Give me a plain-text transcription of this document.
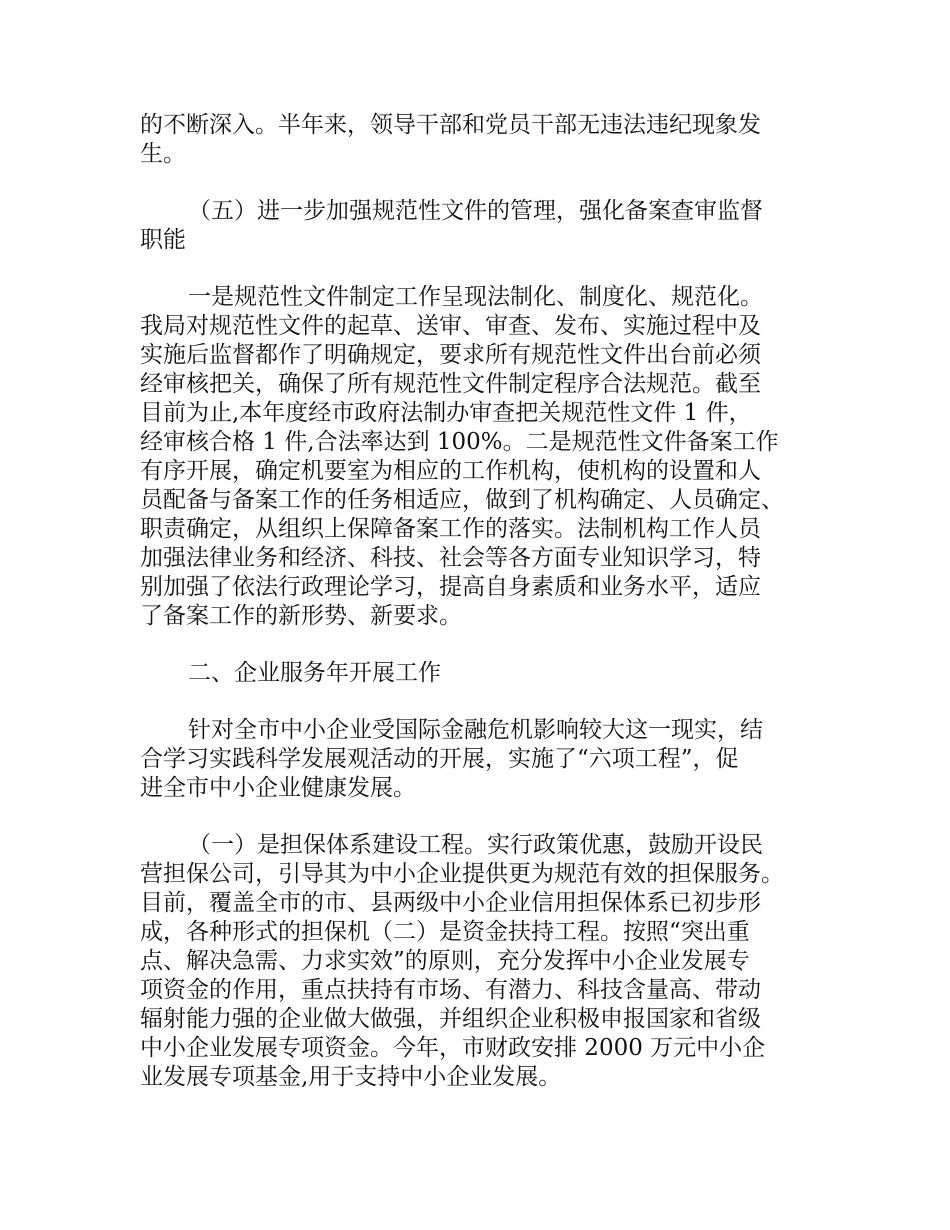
的不断深入。半年来，领导干部和党员干部无违法违纪现象发
生。
（五）进一步加强规范性文件的管理，强化备案查审监督
职能
一是规范性文件制定工作呈现法制化、制度化、规范化。
我局对规范性文件的起草、送审、审查、发布、实施过程中及
实施后监督都作了明确规定，要求所有规范性文件出台前必须
经审核把关，确保了所有规范性文件制定程序合法规范。截至
目前为止,本年度经市政府法制办审查把关规范性文件 1 件，
经审核合格 1 件,合法率达到 100%。二是规范性文件备案工作
有序开展，确定机要室为相应的工作机构，使机构的设置和人
员配备与备案工作的任务相适应，做到了机构确定、人员确定、
职责确定，从组织上保障备案工作的落实。法制机构工作人员
加强法律业务和经济、科技、社会等各方面专业知识学习，特
别加强了依法行政理论学习，提高自身素质和业务水平，适应
了备案工作的新形势、新要求。
二、企业服务年开展工作
针对全市中小企业受国际金融危机影响较大这一现实，结
合学习实践科学发展观活动的开展，实施了“六项工程”，促
进全市中小企业健康发展。
（一）是担保体系建设工程。实行政策优惠，鼓励开设民
营担保公司，引导其为中小企业提供更为规范有效的担保服务。
目前，覆盖全市的市、县两级中小企业信用担保体系已初步形
成，各种形式的担保机（二）是资金扶持工程。按照“突出重
点、解决急需、力求实效”的原则，充分发挥中小企业发展专
项资金的作用，重点扶持有市场、有潜力、科技含量高、带动
辐射能力强的企业做大做强，并组织企业积极申报国家和省级
中小企业发展专项资金。今年，市财政安排 2000 万元中小企
业发展专项基金,用于支持中小企业发展。
